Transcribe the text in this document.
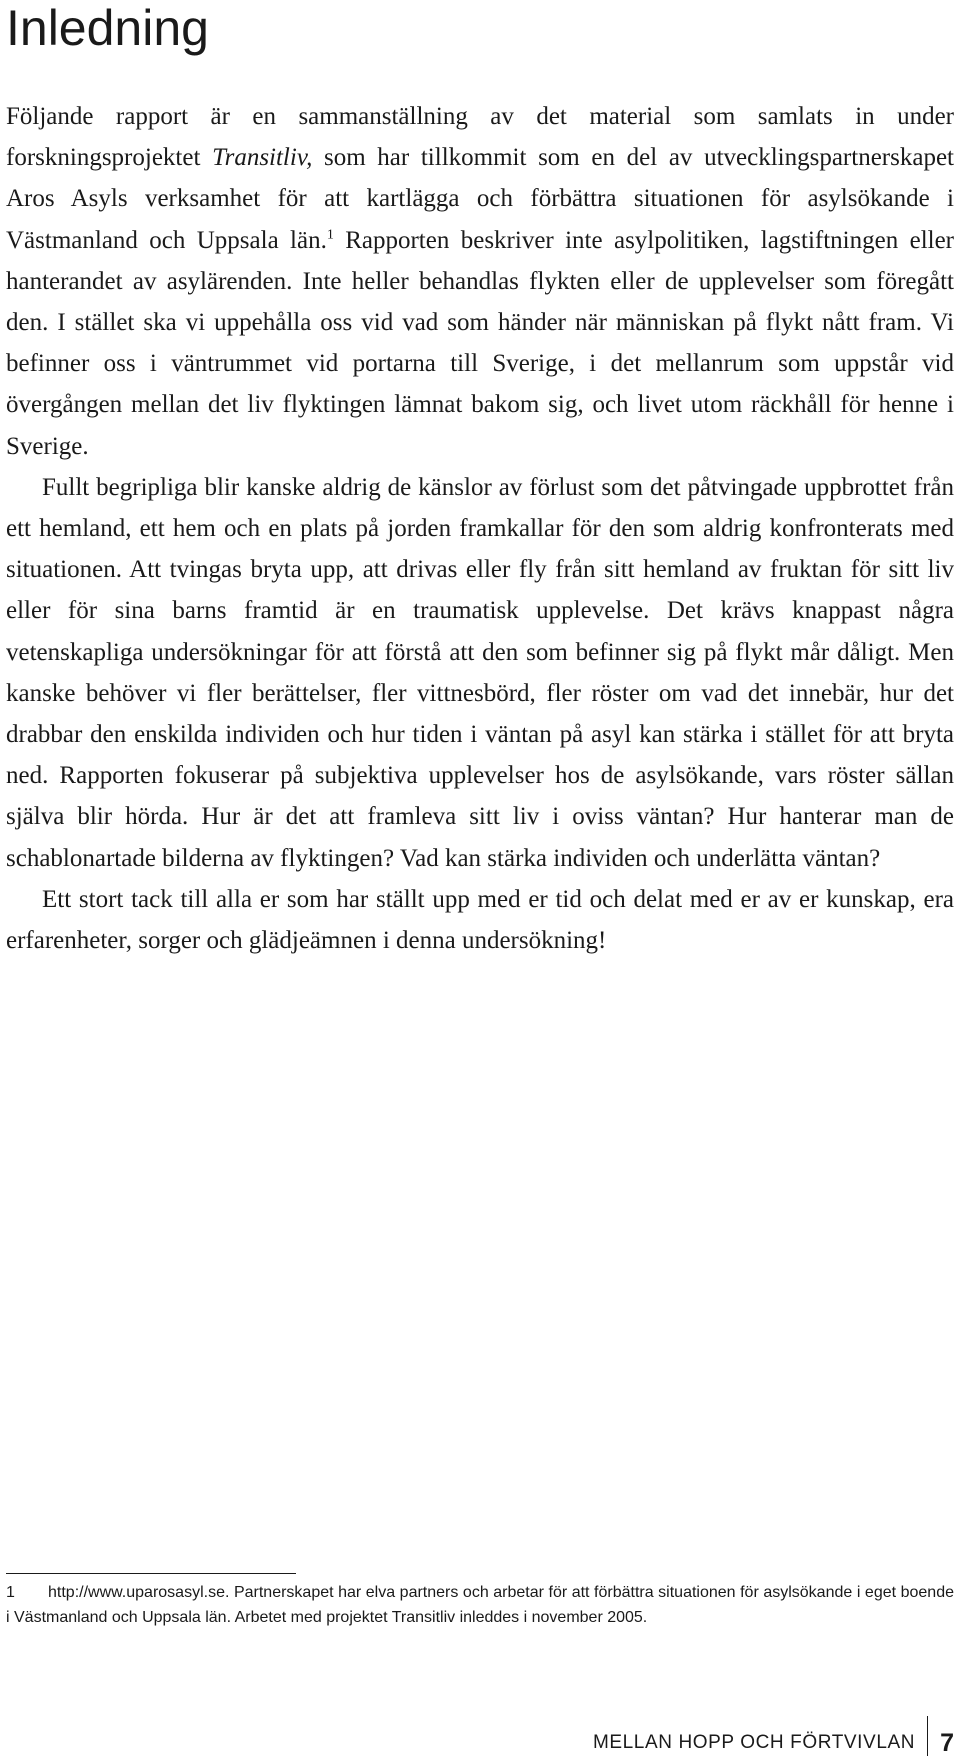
Inledning

Följande rapport är en sammanställning av det material som samlats in under forskningsprojektet Transitliv, som har tillkommit som en del av utvecklingspartnerskapet Aros Asyls verksamhet för att kartlägga och förbättra situationen för asylsökande i Västmanland och Uppsala län.$^1$ Rapporten beskriver inte asylpolitiken, lagstiftningen eller hanterandet av asylärenden. Inte heller behandlas flykten eller de upplevelser som föregått den. I stället ska vi uppehålla oss vid vad som händer när människan på flykt nått fram. Vi befinner oss i väntrummet vid portarna till Sverige, i det mellanrum som uppstår vid övergången mellan det liv flyktingen lämnat bakom sig, och livet utom räckhåll för henne i Sverige.

Fullt begripliga blir kanske aldrig de känslor av förlust som det påtvingade uppbrottet från ett hemland, ett hem och en plats på jorden framkallar för den som aldrig konfronterats med situationen. Att tvingas bryta upp, att drivas eller fly från sitt hemland av fruktan för sitt liv eller för sina barns framtid är en traumatisk upplevelse. Det krävs knappast några vetenskapliga undersökningar för att förstå att den som befinner sig på flykt mår dåligt. Men kanske behöver vi fler berättelser, fler vittnesbörd, fler röster om vad det innebär, hur det drabbar den enskilda individen och hur tiden i väntan på asyl kan stärka i stället för att bryta ned. Rapporten fokuserar på subjektiva upplevelser hos de asylsökande, vars röster sällan själva blir hörda. Hur är det att framleva sitt liv i oviss väntan? Hur hanterar man de schablonartade bilderna av flyktingen? Vad kan stärka individen och underlätta väntan?

Ett stort tack till alla er som har ställt upp med er tid och delat med er av er kunskap, era erfarenheter, sorger och glädjeämnen i denna undersökning!

1 http://www.uparosasyl.se. Partnerskapet har elva partners och arbetar för att förbättra situationen för asylsökande i eget boende i Västmanland och Uppsala län. Arbetet med projektet Transitliv inleddes i november 2005.

MELLAN HOPP OCH FÖRTVIVLAN	7
